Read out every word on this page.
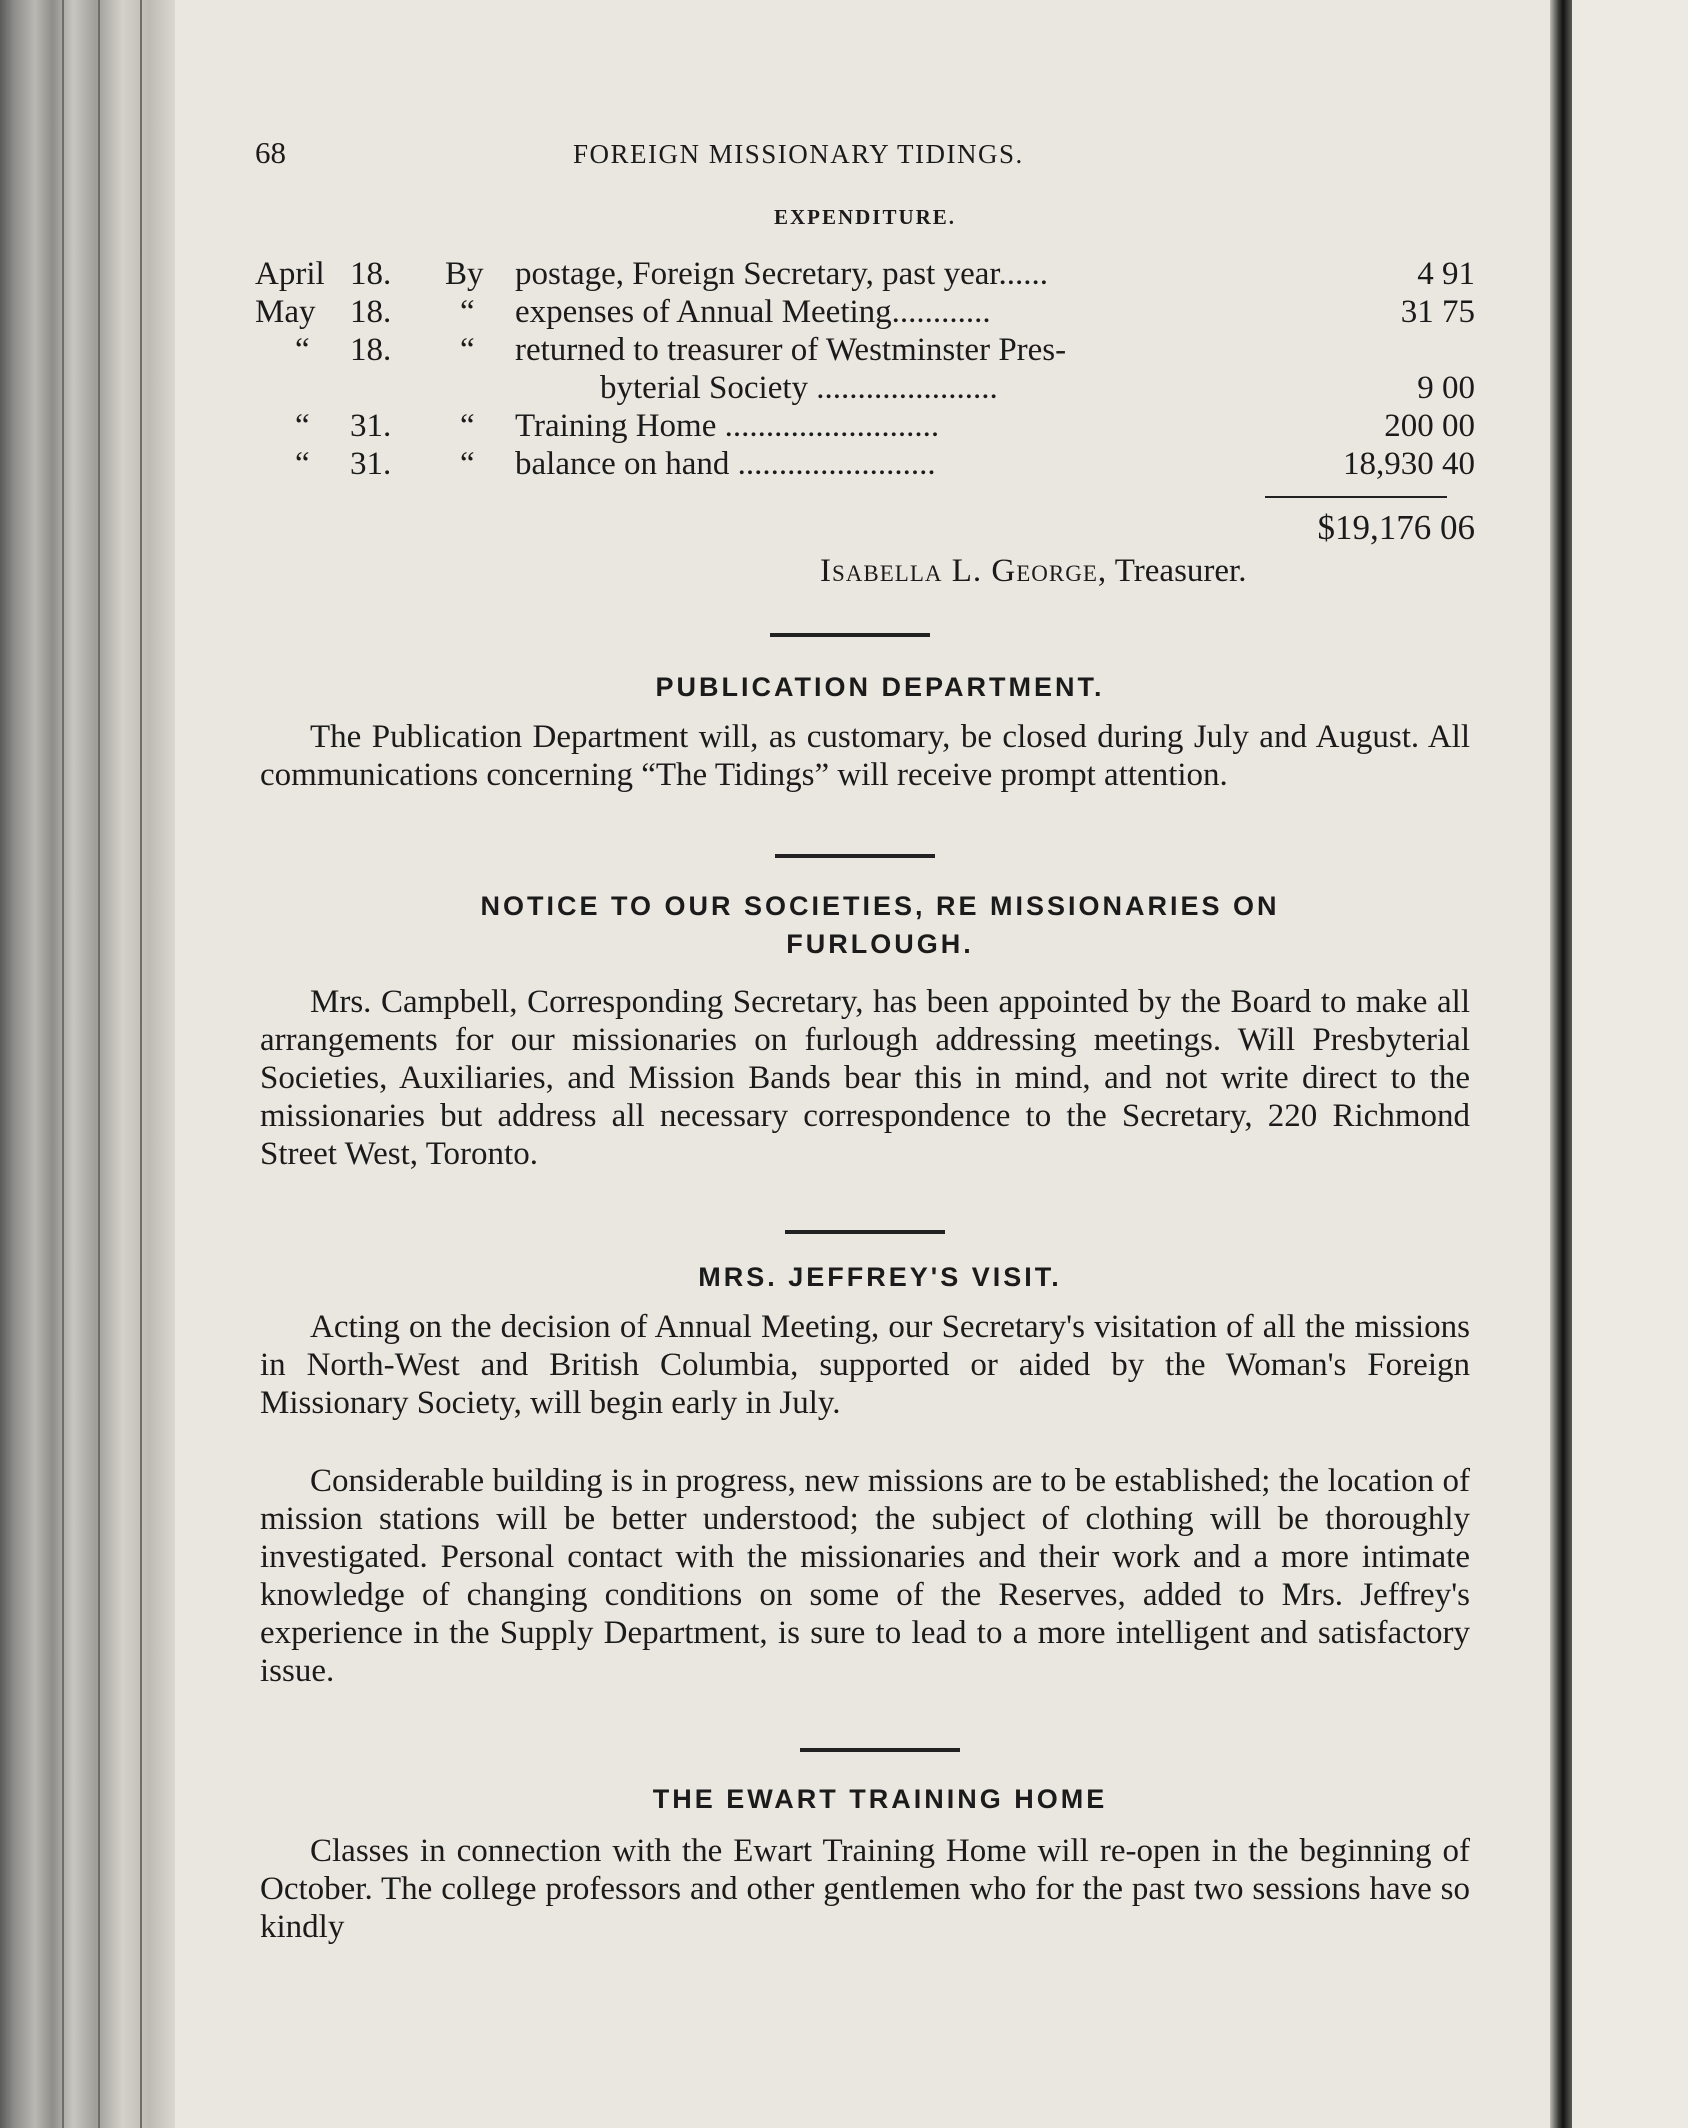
68	FOREIGN MISSIONARY TIDINGS.
EXPENDITURE.
April 18. By postage, Foreign Secretary, past year......	4 91
May 18. “ expenses of Annual Meeting............	31 75
“ 18. “ returned to treasurer of Westminster Pres-
byterial Society ......................	9 00
“ 31. “ Training Home ..........................	200 00
“ 31. “ balance on hand ........................	18,930 40
$19,176 06
Isabella L. George, Treasurer.
PUBLICATION DEPARTMENT.
The Publication Department will, as customary, be closed during July and August. All communications concerning “The Tidings” will receive prompt attention.
NOTICE TO OUR SOCIETIES, RE MISSIONARIES ON
FURLOUGH.
Mrs. Campbell, Corresponding Secretary, has been appointed by the Board to make all arrangements for our missionaries on furlough addressing meetings. Will Presbyterial Societies, Auxiliaries, and Mission Bands bear this in mind, and not write direct to the missionaries but address all necessary correspondence to the Secretary, 220 Richmond Street West, Toronto.
MRS. JEFFREY'S VISIT.
Acting on the decision of Annual Meeting, our Secretary's visitation of all the missions in North-West and British Columbia, supported or aided by the Woman's Foreign Missionary Society, will begin early in July.
Considerable building is in progress, new missions are to be established; the location of mission stations will be better understood; the subject of clothing will be thoroughly investigated. Personal contact with the missionaries and their work and a more intimate knowledge of changing conditions on some of the Reserves, added to Mrs. Jeffrey's experience in the Supply Department, is sure to lead to a more intelligent and satisfactory issue.
THE EWART TRAINING HOME
Classes in connection with the Ewart Training Home will re-open in the beginning of October. The college professors and other gentlemen who for the past two sessions have so kindly
